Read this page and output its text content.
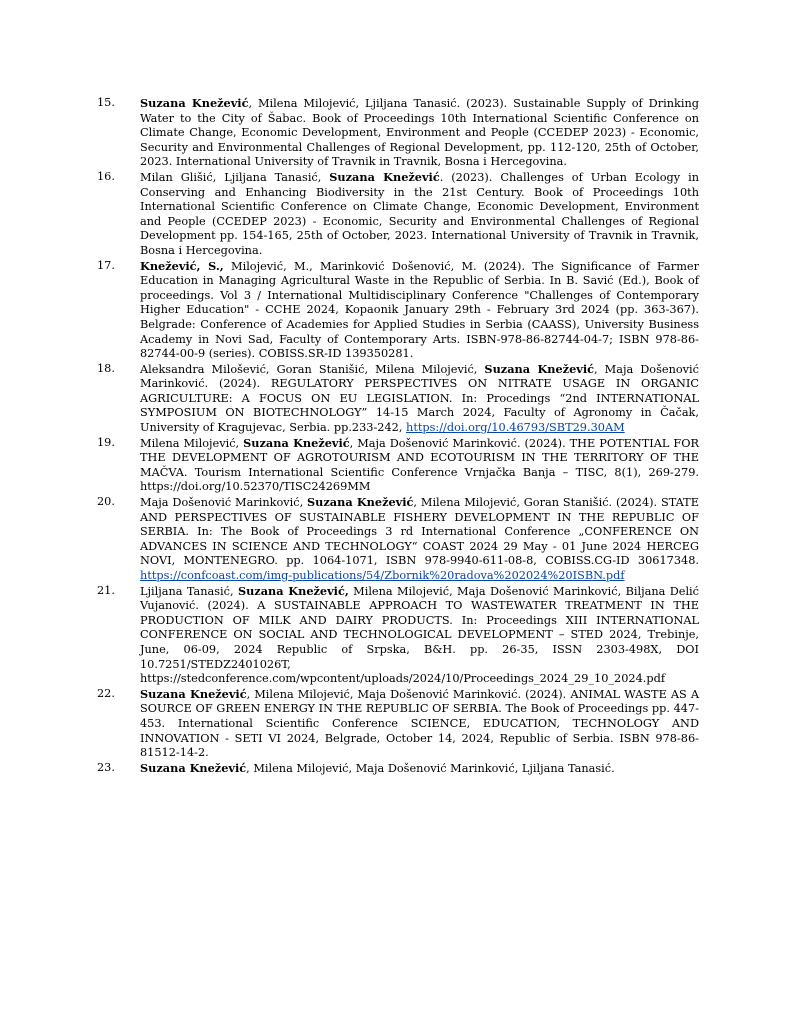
15.	Suzana Knežević, Milena Milojević, Ljiljana Tanasić. (2023). Sustainable Supply of Drinking Water to the City of Šabac. Book of Proceedings 10th International Scientific Conference on Climate Change, Economic Development, Environment and People (CCEDEP 2023) - Economic, Security and Environmental Challenges of Regional Development, pp. 112-120, 25th of October, 2023. International University of Travnik in Travnik, Bosna i Hercegovina.
16.	Milan Glišić, Ljiljana Tanasić, Suzana Knežević. (2023). Challenges of Urban Ecology in Conserving and Enhancing Biodiversity in the 21st Century. Book of Proceedings 10th International Scientific Conference on Climate Change, Economic Development, Environment and People (CCEDEP 2023) - Economic, Security and Environmental Challenges of Regional Development pp. 154-165, 25th of October, 2023. International University of Travnik in Travnik, Bosna i Hercegovina.
17.	Knežević, S., Milojević, M., Marinković Došenović, M. (2024). The Significance of Farmer Education in Managing Agricultural Waste in the Republic of Serbia. In B. Savić (Ed.), Book of proceedings. Vol 3 / International Multidisciplinary Conference "Challenges of Contemporary Higher Education" - CCHE 2024, Kopaonik January 29th - February 3rd 2024 (pp. 363-367). Belgrade: Conference of Academies for Applied Studies in Serbia (CAASS), University Business Academy in Novi Sad, Faculty of Contemporary Arts. ISBN-978-86-82744-04-7; ISBN 978-86-82744-00-9 (series). COBISS.SR-ID 139350281.
18.	Aleksandra Milošević, Goran Stanišić, Milena Milojević, Suzana Knežević, Maja Došenović Marinković. (2024). REGULATORY PERSPECTIVES ON NITRATE USAGE IN ORGANIC AGRICULTURE: A FOCUS ON EU LEGISLATION. In: Procedings “2nd INTERNATIONAL SYMPOSIUM ON BIOTECHNOLOGY” 14-15 March 2024, Faculty of Agronomy in Čačak, University of Kragujevac, Serbia. pp.233-242, https://doi.org/10.46793/SBT29.30AM
19.	Milena Milojević, Suzana Knežević, Maja Došenović Marinković. (2024). THE POTENTIAL FOR THE DEVELOPMENT OF AGROTOURISM AND ECOTOURISM IN THE TERRITORY OF THE MAČVA. Tourism International Scientific Conference Vrnjačka Banja – TISC, 8(1), 269-279. https://doi.org/10.52370/TISC24269MM
20.	Maja Došenović Marinković, Suzana Knežević, Milena Milojević, Goran Stanišić. (2024). STATE AND PERSPECTIVES OF SUSTAINABLE FISHERY DEVELOPMENT IN THE REPUBLIC OF SERBIA. In: The Book of Proceedings 3 rd International Conference „CONFERENCE ON ADVANCES IN SCIENCE AND TECHNOLOGY“ COAST 2024 29 May - 01 June 2024 HERCEG NOVI, MONTENEGRO. pp. 1064-1071, ISBN 978-9940-611-08-8, COBISS.CG-ID 30617348. https://confcoast.com/img-publications/54/Zbornik%20radova%202024%20ISBN.pdf
21.	Ljiljana Tanasić, Suzana Knežević, Milena Milojević, Maja Došenović Marinković, Biljana Delić Vujanović. (2024). A SUSTAINABLE APPROACH TO WASTEWATER TREATMENT IN THE PRODUCTION OF MILK AND DAIRY PRODUCTS. In: Proceedings XIII INTERNATIONAL CONFERENCE ON SOCIAL AND TECHNOLOGICAL DEVELOPMENT – STED 2024, Trebinje, June, 06-09, 2024 Republic of Srpska, B&H. pp. 26-35, ISSN 2303-498X, DOI 10.7251/STEDZ2401026T, https://stedconference.com/wpcontent/uploads/2024/10/Proceedings_2024_29_10_2024.pdf
22.	Suzana Knežević, Milena Milojević, Maja Došenović Marinković. (2024). ANIMAL WASTE AS A SOURCE OF GREEN ENERGY IN THE REPUBLIC OF SERBIA. The Book of Proceedings pp. 447-453. International Scientific Conference SCIENCE, EDUCATION, TECHNOLOGY AND INNOVATION - SETI VI 2024, Belgrade, October 14, 2024, Republic of Serbia. ISBN 978-86-81512-14-2.
23.	Suzana Knežević, Milena Milojević, Maja Došenović Marinković, Ljiljana Tanasić.
